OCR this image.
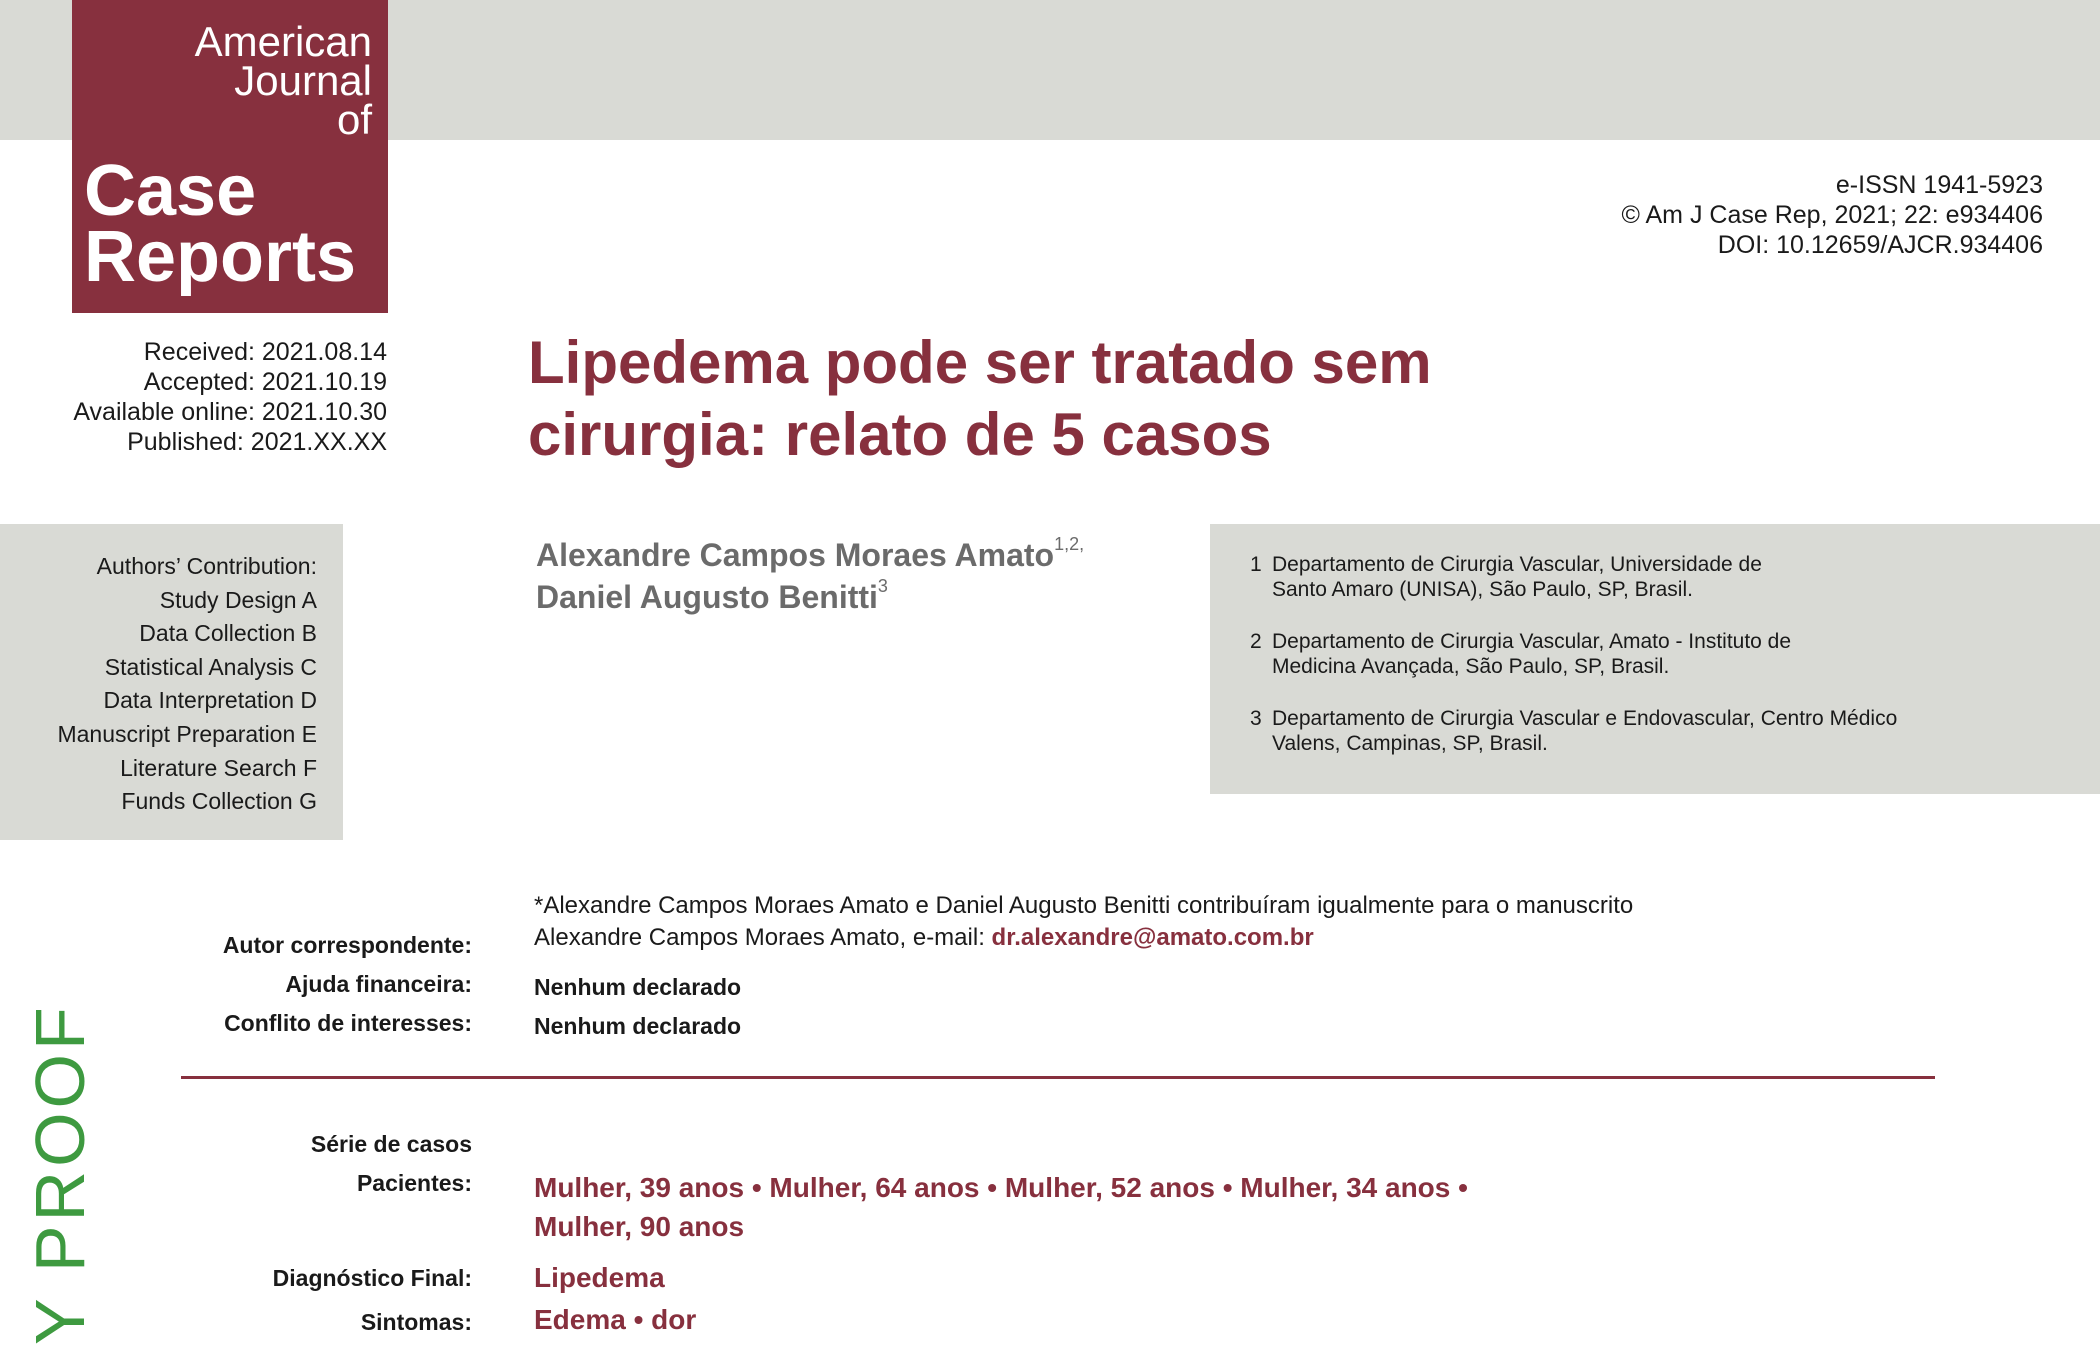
American
Journal
of
Case
Reports
Received: 2021.08.14
Accepted: 2021.10.19
Available online: 2021.10.30
Published: 2021.XX.XX
e-ISSN 1941-5923
© Am J Case Rep, 2021; 22: e934406
DOI: 10.12659/AJCR.934406
Lipedema pode ser tratado sem
cirurgia: relato de 5 casos
Authors’ Contribution:
Study Design A
Data Collection B
Statistical Analysis C
Data Interpretation D
Manuscript Preparation E
Literature Search F
Funds Collection G
Alexandre Campos Moraes Amato$^{1,2,}$
Daniel Augusto Benitti$^3$
1 Departamento de Cirurgia Vascular, Universidade de
Santo Amaro (UNISA), São Paulo, SP, Brasil.
2 Departamento de Cirurgia Vascular, Amato - Instituto de
Medicina Avançada, São Paulo, SP, Brasil.
3 Departamento de Cirurgia Vascular e Endovascular, Centro Médico
Valens, Campinas, SP, Brasil.
*Alexandre Campos Moraes Amato e Daniel Augusto Benitti contribuíram igualmente para o manuscrito
Alexandre Campos Moraes Amato, e-mail: dr.alexandre@amato.com.br
Autor correspondente:
Ajuda financeira:	Nenhum declarado
Conflito de interesses:	Nenhum declarado
Série de casos
Pacientes: Mulher, 39 anos • Mulher, 64 anos • Mulher, 52 anos • Mulher, 34 anos •
Mulher, 90 anos
Diagnóstico Final: Lipedema
Sintomas: Edema • dor
Y PROOF
